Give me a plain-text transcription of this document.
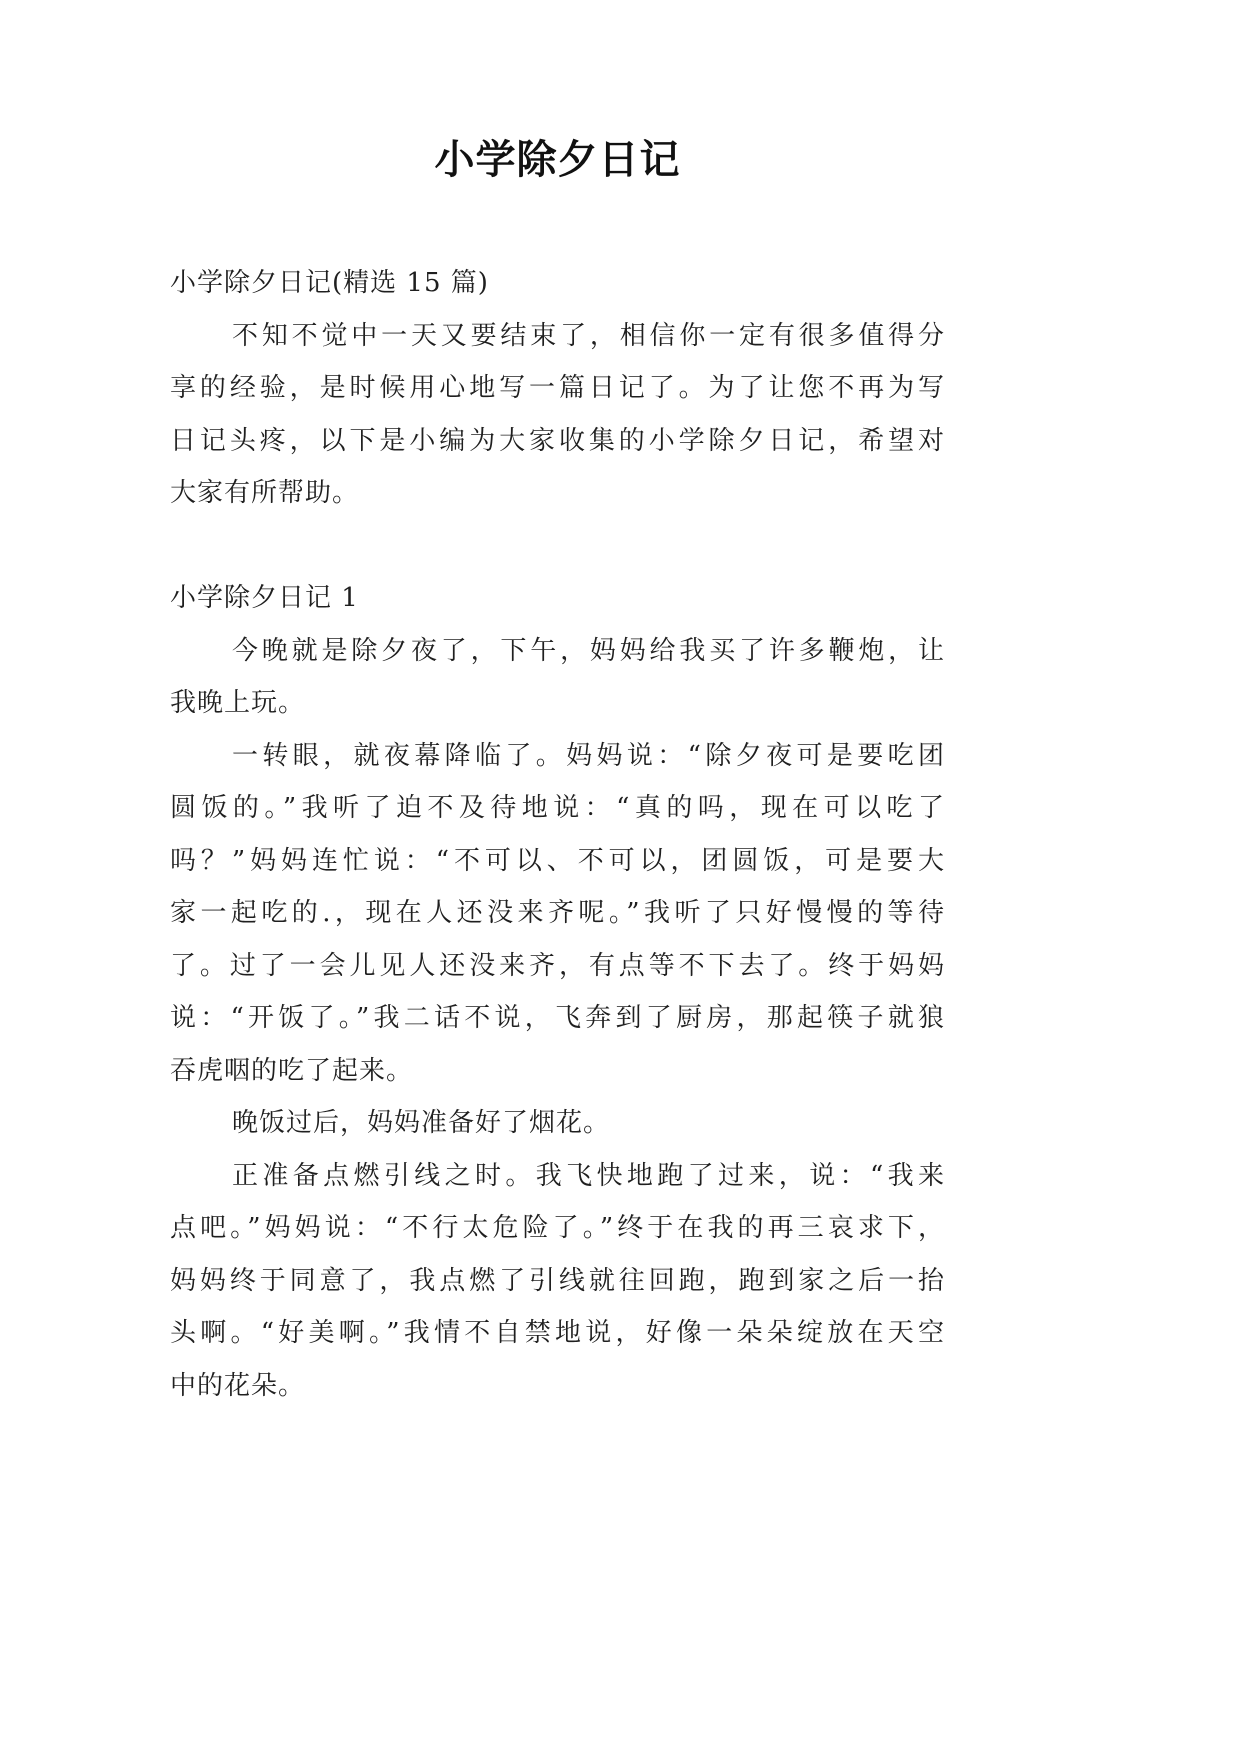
小学除夕日记
小学除夕日记(精选 15 篇)
不知不觉中一天又要结束了，相信你一定有很多值得分
享的经验，是时候用心地写一篇日记了。为了让您不再为写
日记头疼，以下是小编为大家收集的小学除夕日记，希望对
大家有所帮助。
小学除夕日记 1
今晚就是除夕夜了，下午，妈妈给我买了许多鞭炮，让
我晚上玩。
一转眼，就夜幕降临了。妈妈说：“除夕夜可是要吃团
圆饭的。”我听了迫不及待地说：“真的吗，现在可以吃了
吗？”妈妈连忙说：“不可以、不可以，团圆饭，可是要大
家一起吃的.，现在人还没来齐呢。”我听了只好慢慢的等待
了。过了一会儿见人还没来齐，有点等不下去了。终于妈妈
说：“开饭了。”我二话不说，飞奔到了厨房，那起筷子就狼
吞虎咽的吃了起来。
晚饭过后，妈妈准备好了烟花。
正准备点燃引线之时。我飞快地跑了过来，说：“我来
点吧。”妈妈说：“不行太危险了。”终于在我的再三哀求下，
妈妈终于同意了，我点燃了引线就往回跑，跑到家之后一抬
头啊。“好美啊。”我情不自禁地说，好像一朵朵绽放在天空
中的花朵。
